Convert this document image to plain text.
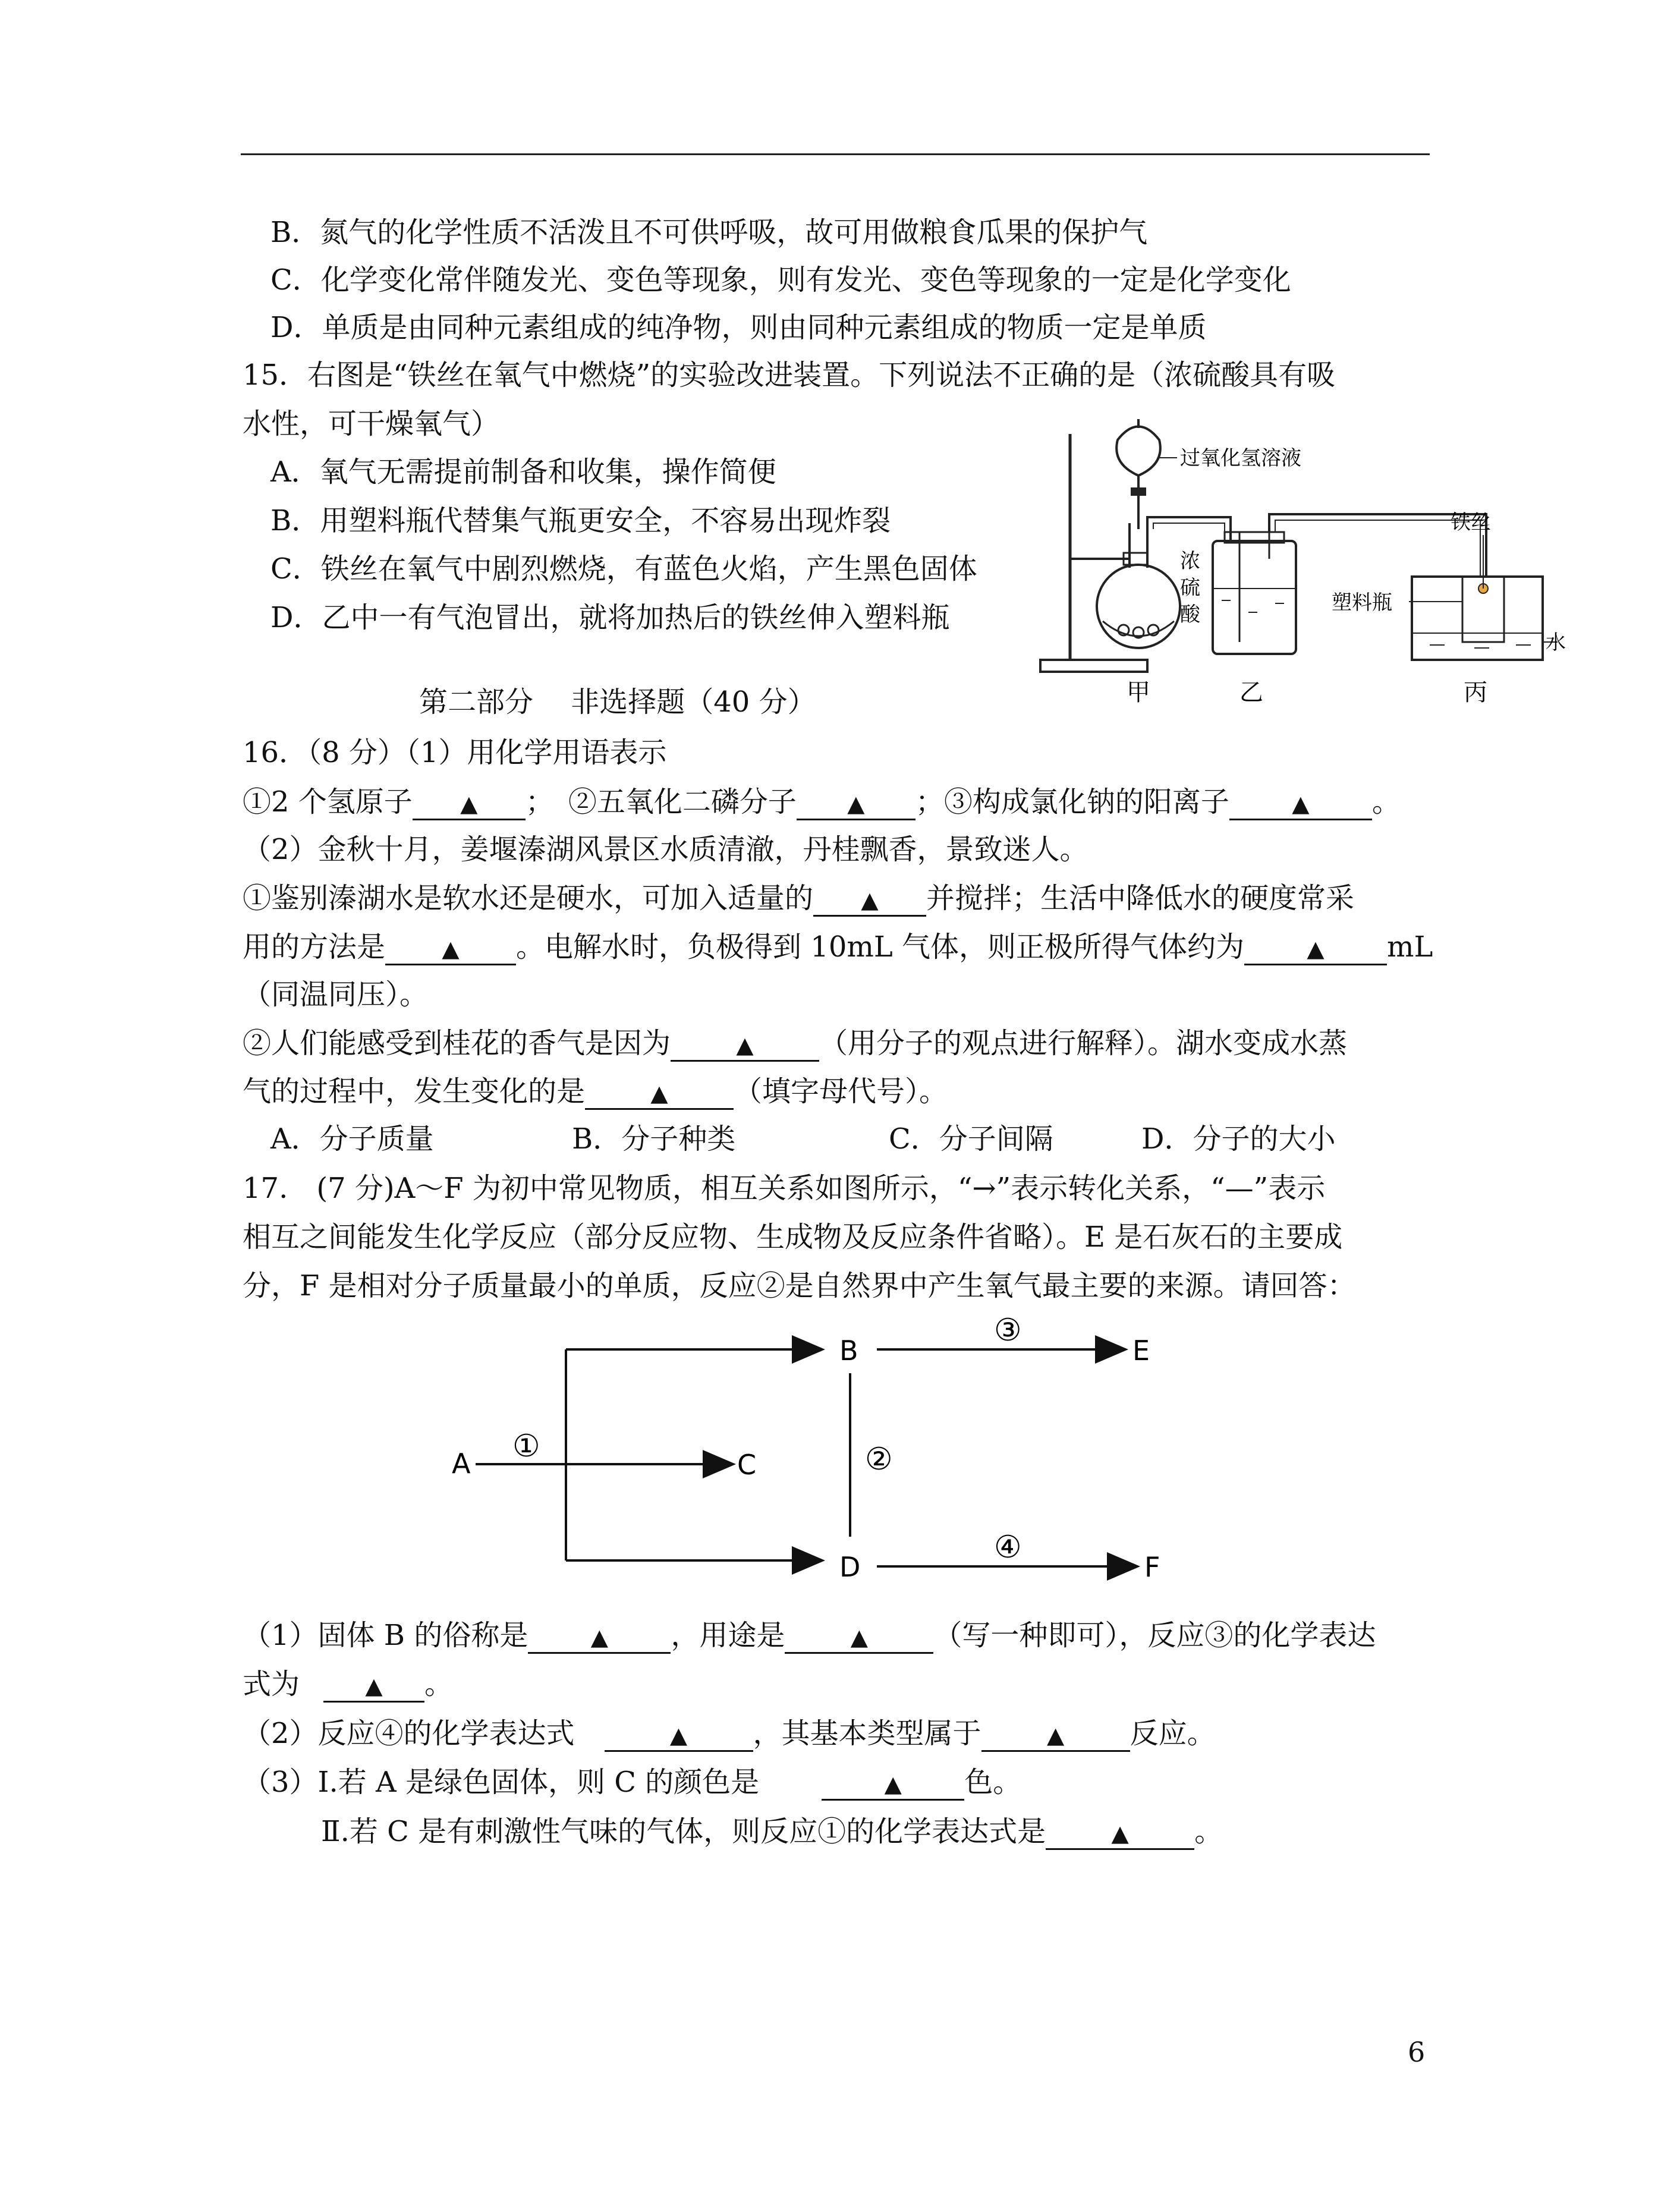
B．氮气的化学性质不活泼且不可供呼吸，故可用做粮食瓜果的保护气
C．化学变化常伴随发光、变色等现象，则有发光、变色等现象的一定是化学变化
D．单质是由同种元素组成的纯净物，则由同种元素组成的物质一定是单质
15．右图是“铁丝在氧气中燃烧”的实验改进装置。下列说法不正确的是（浓硫酸具有吸
水性，可干燥氧气）
A．氧气无需提前制备和收集，操作简便
B．用塑料瓶代替集气瓶更安全，不容易出现炸裂
C．铁丝在氧气中剧烈燃烧，有蓝色火焰，产生黑色固体
D．乙中一有气泡冒出，就将加热后的铁丝伸入塑料瓶
过氧化氢溶液
浓
硫
酸
铁丝
塑料瓶
水
甲	乙	丙
第二部分　 非选择题（40 分）
16．（8 分）（1）用化学用语表示
①2 个氢原子 ▲ ；　②五氧化二磷分子 ▲ ；③构成氯化钠的阳离子	▲ 。
（2）金秋十月，姜堰溱湖风景区水质清澈，丹桂飘香，景致迷人。
①鉴别溱湖水是软水还是硬水，可加入适量的 ▲ 并搅拌；生活中降低水的硬度常采
用的方法是	▲ 。电解水时，负极得到 10mL 气体，则正极所得气体约为	▲ mL
（同温同压）。
②人们能感受到桂花的香气是因为	▲ （用分子的观点进行解释）。湖水变成水蒸
气的过程中，发生变化的是	▲ （填字母代号）。
A．分子质量	B．分子种类	C．分子间隔	D．分子的大小
17.　(7 分)A～F 为初中常见物质，相互关系如图所示，“→”表示转化关系，“—”表示
相互之间能发生化学反应（部分反应物、生成物及反应条件省略）。E 是石灰石的主要成
分，F 是相对分子质量最小的单质，反应②是自然界中产生氧气最主要的来源。请回答：
A
B
C
D
E
F
①	②
③
④
（1）固体 B 的俗称是	▲ ，用途是	▲ （写一种即可），反应③的化学表达
式为	▲ 。
（2）反应④的化学表达式	▲ ，其基本类型属于	▲ 反应。
（3）Ⅰ.若 A 是绿色固体，则 C 的颜色是	▲ 色。
Ⅱ.若 C 是有刺激性气味的气体，则反应①的化学表达式是	▲ 。
6
